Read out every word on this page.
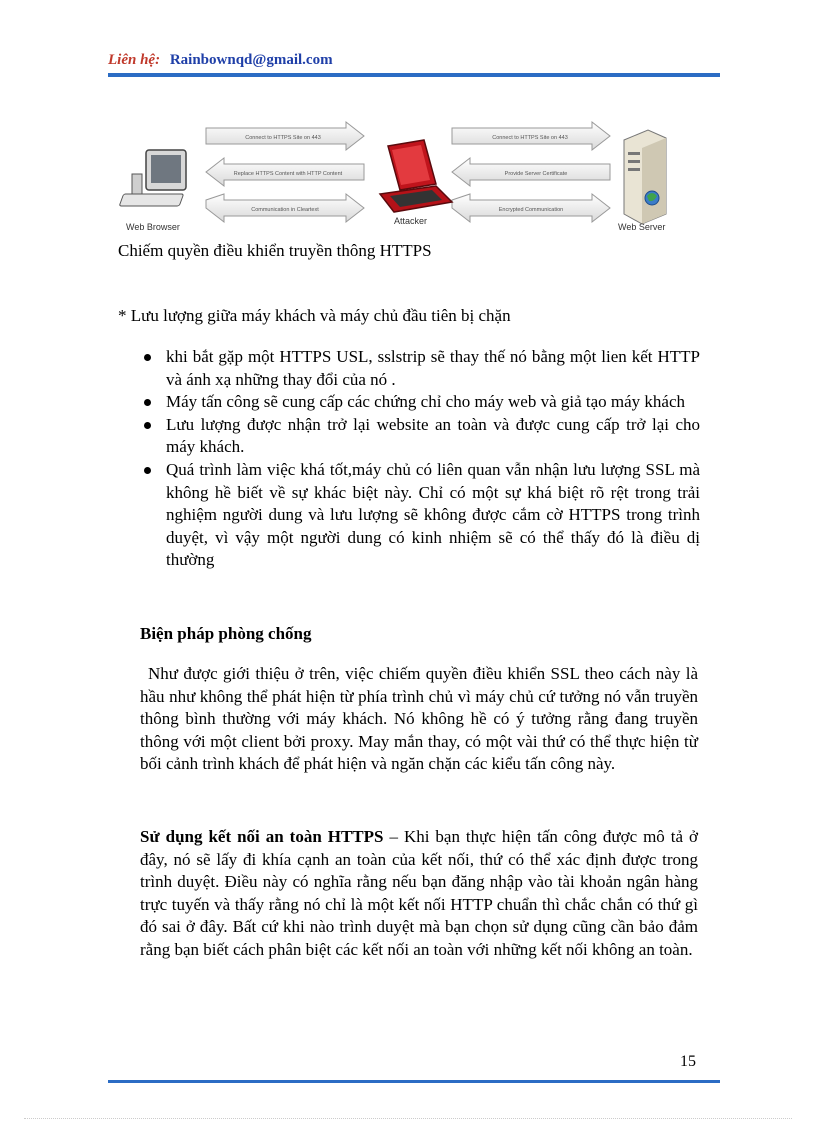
Liên hệ: Rainbownqd@gmail.com
Connect to HTTPS Site on 443
Replace HTTPS Content with HTTP Content
Communication in Cleartext
Connect to HTTPS Site on 443
Provide Server Certificate
Encrypted Communication
Web Browser
Attacker
Web Server
Chiếm quyền điều khiển truyền thông HTTPS
* Lưu lượng giữa máy khách và máy chủ đầu tiên bị chặn
khi bắt gặp một HTTPS USL, sslstrip sẽ thay thế nó bằng một lien kết HTTP và ánh xạ những thay đổi của nó .
Máy tấn công sẽ cung cấp các chứng chỉ cho máy web và giả tạo máy khách
Lưu lượng được nhận trở lại website an toàn và được cung cấp trở lại cho máy khách.
Quá trình làm việc khá tốt,máy chủ có liên quan vẫn nhận lưu lượng SSL mà không hề biết về sự khác biệt này. Chỉ có một sự khá biệt rõ rệt trong trải nghiệm người dung và lưu lượng sẽ không được cắm cờ HTTPS trong trình duyệt, vì vậy một người dung có kinh nhiệm sẽ có thể thấy đó là điều dị thường
Biện pháp phòng chống
Như được giới thiệu ở trên, việc chiếm quyền điều khiển SSL theo cách này là hầu như không thể phát hiện từ phía trình chủ vì máy chủ cứ tưởng nó vẫn truyền thông bình thường với máy khách. Nó không hề có ý tưởng rằng đang truyền thông với một client bởi proxy. May mắn thay, có một vài thứ có thể thực hiện từ bối cảnh trình khách để phát hiện và ngăn chặn các kiểu tấn công này.
Sử dụng kết nối an toàn HTTPS – Khi bạn thực hiện tấn công được mô tả ở đây, nó sẽ lấy đi khía cạnh an toàn của kết nối, thứ có thể xác định được trong trình duyệt. Điều này có nghĩa rằng nếu bạn đăng nhập vào tài khoản ngân hàng trực tuyến và thấy rằng nó chỉ là một kết nối HTTP chuẩn thì chắc chắn có thứ gì đó sai ở đây. Bất cứ khi nào trình duyệt mà bạn chọn sử dụng cũng cần bảo đảm rằng bạn biết cách phân biệt các kết nối an toàn với những kết nối không an toàn.
15
